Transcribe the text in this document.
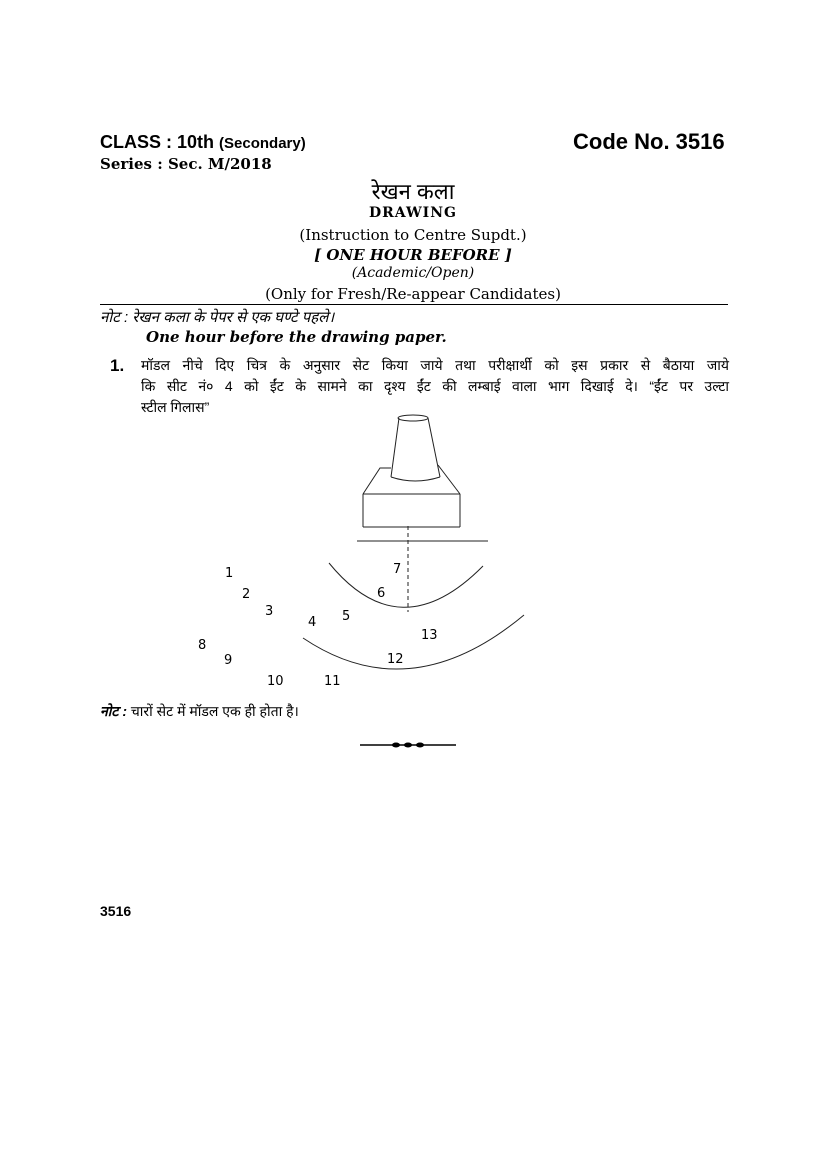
CLASS : 10th (Secondary)	Code No. 3516
Series : Sec. M/2018
रेखन कला
DRAWING
(Instruction to Centre Supdt.)
[ ONE HOUR BEFORE ]
(Academic/Open)
(Only for Fresh/Re-appear Candidates)
नोट : रेखन कला के पेपर से एक घण्टे पहले।
One hour before the drawing paper.
1. मॉडल नीचे दिए चित्र के अनुसार सेट किया जाये तथा परीक्षार्थी को इस प्रकार से बैठाया जाये
कि सीट नं० 4 को ईंट के सामने का दृश्य ईंट की लम्बाई वाला भाग दिखाई दे। “ईंट पर उल्टा
स्टील गिलास”
1
2
3
4 5
6
7
8
9
10	11
12
13
नोट : चारों सेट में मॉडल एक ही होता है।
3516
